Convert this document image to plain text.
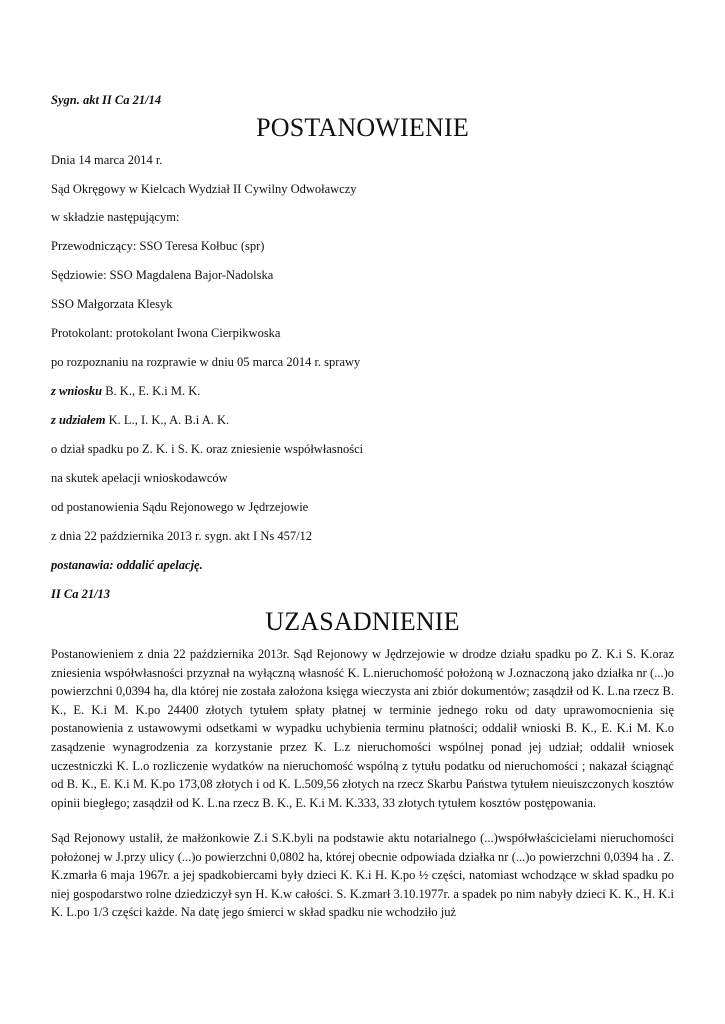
Sygn. akt II Ca 21/14
POSTANOWIENIE
Dnia 14 marca 2014 r.
Sąd Okręgowy w Kielcach Wydział II Cywilny Odwoławczy
w składzie następującym:
Przewodniczący: SSO Teresa Kołbuc (spr)
Sędziowie: SSO Magdalena Bajor-Nadolska
SSO Małgorzata Klesyk
Protokolant: protokolant Iwona Cierpikwoska
po rozpoznaniu na rozprawie w dniu 05 marca 2014 r. sprawy
z wniosku B. K., E. K.i M. K.
z udziałem K. L., I. K., A. B.i A. K.
o dział spadku po Z. K. i S. K. oraz zniesienie współwłasności
na skutek apelacji wnioskodawców
od postanowienia Sądu Rejonowego w Jędrzejowie
z dnia 22 października 2013 r. sygn. akt I Ns 457/12
postanawia: oddalić apelację.
II Ca 21/13
UZASADNIENIE
Postanowieniem z dnia 22 października 2013r. Sąd Rejonowy w Jędrzejowie w drodze działu spadku po Z. K.i S. K.oraz zniesienia współwłasności przyznał na wyłączną własność K. L.nieruchomość położoną w J.oznaczoną jako działka nr (...)o powierzchni 0,0394 ha, dla której nie została założona księga wieczysta ani zbiór dokumentów; zasądził od K. L.na rzecz B. K., E. K.i M. K.po 24400 złotych tytułem spłaty płatnej w terminie jednego roku od daty uprawomocnienia się postanowienia z ustawowymi odsetkami w wypadku uchybienia terminu płatności; oddalił wnioski B. K., E. K.i M. K.o zasądzenie wynagrodzenia za korzystanie przez K. L.z nieruchomości wspólnej ponad jej udział; oddalił wniosek uczestniczki K. L.o rozliczenie wydatków na nieruchomość wspólną z tytułu podatku od nieruchomości ; nakazał ściągnąć od B. K., E. K.i M. K.po 173,08 złotych i od K. L.509,56 złotych na rzecz Skarbu Państwa tytułem nieuiszczonych kosztów opinii biegłego; zasądził od K. L.na rzecz B. K., E. K.i M. K.333, 33 złotych tytułem kosztów postępowania.
Sąd Rejonowy ustalił, że małżonkowie Z.i S.K.byli na podstawie aktu notarialnego (...)współwłaścicielami nieruchomości położonej w J.przy ulicy (...)o powierzchni 0,0802 ha, której obecnie odpowiada działka nr (...)o powierzchni 0,0394 ha . Z. K.zmarła 6 maja 1967r. a jej spadkobiercami były dzieci K. K.i H. K.po ½ części, natomiast wchodzące w skład spadku po niej gospodarstwo rolne dziedziczył syn H. K.w całości. S. K.zmarł 3.10.1977r. a spadek po nim nabyły dzieci K. K., H. K.i K. L.po 1/3 części każde. Na datę jego śmierci w skład spadku nie wchodziło już
